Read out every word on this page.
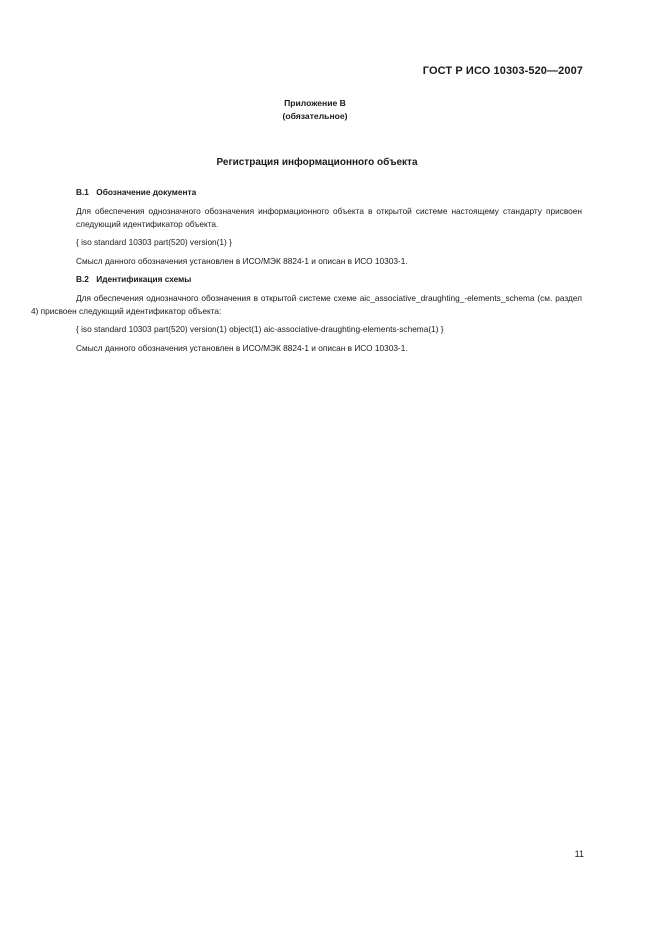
ГОСТ Р ИСО 10303-520—2007
Приложение В
(обязательное)
Регистрация информационного объекта
В.1 Обозначение документа
Для обеспечения однозначного обозначения информационного объекта в открытой системе настоящему стандарту присвоен следующий идентификатор объекта.
{ iso standard 10303 part(520) version(1) }
Смысл данного обозначения установлен в ИСО/МЭК 8824-1 и описан в ИСО 10303-1.
В.2 Идентификация схемы
Для обеспечения однозначного обозначения в открытой системе схеме aic_associative_draughting_-elements_schema (см. раздел 4) присвоен следующий идентификатор объекта:
{ iso standard 10303 part(520) version(1) object(1) aic-associative-draughting-elements-schema(1) }
Смысл данного обозначения установлен в ИСО/МЭК 8824-1 и описан в ИСО 10303-1.
11
